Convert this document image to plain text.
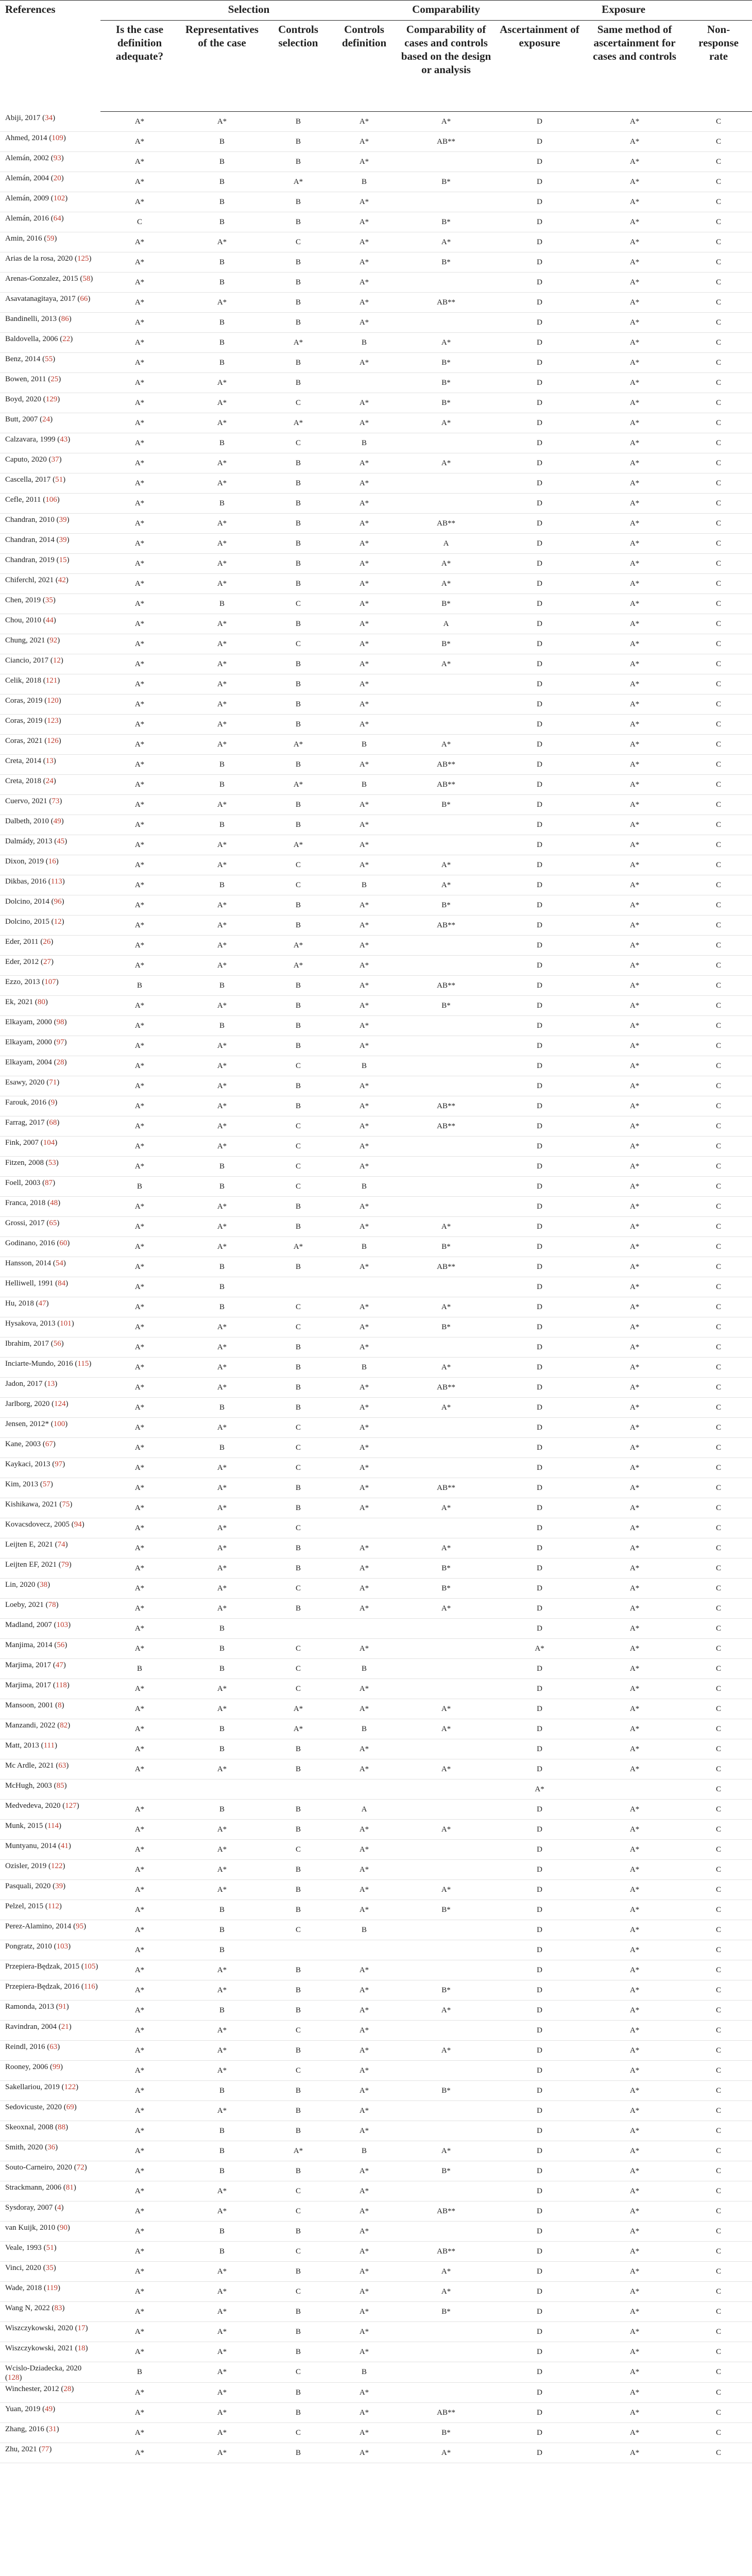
References	Selection				Comparability	Exposure		
	Is the case definition adequate?	Representatives of the case	Controls selection	Controls definition	Comparability of cases and controls based on the design or analysis	Ascertainment of exposure	Same method of ascertainment for cases and controls	Non-response rate
Abiji, 2017 (34)	A*	A*	B	A*	A*	D	A*	C
Ahmed, 2014 (109)	A*	B	B	A*	AB**	D	A*	C
Alemán, 2002 (93)	A*	B	B	A*		D	A*	C
Alemán, 2004 (20)	A*	B	A*	B	B*	D	A*	C
Alemán, 2009 (102)	A*	B	B	A*		D	A*	C
Alemán, 2016 (64)	C	B	B	A*	B*	D	A*	C
Amin, 2016 (59)	A*	A*	C	A*	A*	D	A*	C
Arias de la rosa, 2020 (125)	A*	B	B	A*	B*	D	A*	C
Arenas-Gonzalez, 2015 (58)	A*	B	B	A*		D	A*	C
Asavatanagitaya, 2017 (66)	A*	A*	B	A*	AB**	D	A*	C
Bandinelli, 2013 (86)	A*	B	B	A*		D	A*	C
Baldovella, 2006 (22)	A*	B	A*	B	A*	D	A*	C
Benz, 2014 (55)	A*	B	B	A*	B*	D	A*	C
Bowen, 2011 (25)	A*	A*	B		B*	D	A*	C
Boyd, 2020 (129)	A*	A*	C	A*	B*	D	A*	C
Butt, 2007 (24)	A*	A*	A*	A*	A*	D	A*	C
Calzavara, 1999 (43)	A*	B	C	B		D	A*	C
Caputo, 2020 (37)	A*	A*	B	A*	A*	D	A*	C
Cascella, 2017 (51)	A*	A*	B	A*		D	A*	C
Cefle, 2011 (106)	A*	B	B	A*		D	A*	C
Chandran, 2010 (39)	A*	A*	B	A*	AB**	D	A*	C
Chandran, 2014 (39)	A*	A*	B	A*	A	D	A*	C
Chandran, 2019 (15)	A*	A*	B	A*	A*	D	A*	C
Chiferchl, 2021 (42)	A*	A*	B	A*	A*	D	A*	C
Chen, 2019 (35)	A*	B	C	A*	B*	D	A*	C
Chou, 2010 (44)	A*	A*	B	A*	A	D	A*	C
Chung, 2021 (92)	A*	A*	C	A*	B*	D	A*	C
Ciancio, 2017 (12)	A*	A*	B	A*	A*	D	A*	C
Celik, 2018 (121)	A*	A*	B	A*		D	A*	C
Coras, 2019 (120)	A*	A*	B	A*		D	A*	C
Coras, 2019 (123)	A*	A*	B	A*		D	A*	C
Coras, 2021 (126)	A*	A*	A*	B	A*	D	A*	C
Creta, 2014 (13)	A*	B	B	A*	AB**	D	A*	C
Creta, 2018 (24)	A*	B	A*	B	AB**	D	A*	C
Cuervo, 2021 (73)	A*	A*	B	A*	B*	D	A*	C
Dalbeth, 2010 (49)	A*	B	B	A*		D	A*	C
Dalmády, 2013 (45)	A*	A*	A*	A*		D	A*	C
Dixon, 2019 (16)	A*	A*	C	A*	A*	D	A*	C
Dikbas, 2016 (113)	A*	B	C	B	A*	D	A*	C
Dolcino, 2014 (96)	A*	A*	B	A*	B*	D	A*	C
Dolcino, 2015 (12)	A*	A*	B	A*	AB**	D	A*	C
Eder, 2011 (26)	A*	A*	A*	A*		D	A*	C
Eder, 2012 (27)	A*	A*	A*	A*		D	A*	C
Ezzo, 2013 (107)	B	B	B	A*	AB**	D	A*	C
Ek, 2021 (80)	A*	A*	B	A*	B*	D	A*	C
Elkayam, 2000 (98)	A*	B	B	A*		D	A*	C
Elkayam, 2000 (97)	A*	A*	B	A*		D	A*	C
Elkayam, 2004 (28)	A*	A*	C	B		D	A*	C
Esawy, 2020 (71)	A*	A*	B	A*		D	A*	C
Farouk, 2016 (9)	A*	A*	B	A*	AB**	D	A*	C
Farrag, 2017 (68)	A*	A*	C	A*	AB**	D	A*	C
Fink, 2007 (104)	A*	A*	C	A*		D	A*	C
Fitzen, 2008 (53)	A*	B	C	A*		D	A*	C
Foell, 2003 (87)	B	B	C	B		D	A*	C
Franca, 2018 (48)	A*	A*	B	A*		D	A*	C
Grossi, 2017 (65)	A*	A*	B	A*	A*	D	A*	C
Godinano, 2016 (60)	A*	A*	A*	B	B*	D	A*	C
Hansson, 2014 (54)	A*	B	B	A*	AB**	D	A*	C
Helliwell, 1991 (84)	A*	B				D	A*	C
Hu, 2018 (47)	A*	B	C	A*	A*	D	A*	C
Hysakova, 2013 (101)	A*	A*	C	A*	B*	D	A*	C
Ibrahim, 2017 (56)	A*	A*	B	A*		D	A*	C
Inciarte-Mundo, 2016 (115)	A*	A*	B	B	A*	D	A*	C
Jadon, 2017 (13)	A*	A*	B	A*	AB**	D	A*	C
Jarlborg, 2020 (124)	A*	B	B	A*	A*	D	A*	C
Jensen, 2012* (100)	A*	A*	C	A*		D	A*	C
Kane, 2003 (67)	A*	B	C	A*		D	A*	C
Kaykaci, 2013 (97)	A*	A*	C	A*		D	A*	C
Kim, 2013 (57)	A*	A*	B	A*	AB**	D	A*	C
Kishikawa, 2021 (75)	A*	A*	B	A*	A*	D	A*	C
Kovacsdovecz, 2005 (94)	A*	A*	C			D	A*	C
Leijten E, 2021 (74)	A*	A*	B	A*	A*	D	A*	C
Leijten EF, 2021 (79)	A*	A*	B	A*	B*	D	A*	C
Lin, 2020 (38)	A*	A*	C	A*	B*	D	A*	C
Loeby, 2021 (78)	A*	A*	B	A*	A*	D	A*	C
Madland, 2007 (103)	A*	B				D	A*	C
Manjima, 2014 (56)	A*	B	C	A*		A*	A*	C
Marjima, 2017 (47)	B	B	C	B		D	A*	C
Marjima, 2017 (118)	A*	A*	C	A*		D	A*	C
Mansoon, 2001 (8)	A*	A*	A*	A*	A*	D	A*	C
Manzandi, 2022 (82)	A*	B	A*	B	A*	D	A*	C
Matt, 2013 (111)	A*	B	B	A*		D	A*	C
Mc Ardle, 2021 (63)	A*	A*	B	A*	A*	D	A*	C
McHugh, 2003 (85)						A*		C
Medvedeva, 2020 (127)	A*	B	B	A		D	A*	C
Munk, 2015 (114)	A*	A*	B	A*	A*	D	A*	C
Muntyanu, 2014 (41)	A*	A*	C	A*		D	A*	C
Ozisler, 2019 (122)	A*	A*	B	A*		D	A*	C
Pasquali, 2020 (39)	A*	A*	B	A*	A*	D	A*	C
Pelzel, 2015 (112)	A*	B	B	A*	B*	D	A*	C
Perez-Alamino, 2014 (95)	A*	B	C	B		D	A*	C
Pongratz, 2010 (103)	A*	B				D	A*	C
Przepiera-Będzak, 2015 (105)	A*	A*	B	A*		D	A*	C
Przepiera-Będzak, 2016 (116)	A*	A*	B	A*	B*	D	A*	C
Ramonda, 2013 (91)	A*	B	B	A*	A*	D	A*	C
Ravindran, 2004 (21)	A*	A*	C	A*		D	A*	C
Reindl, 2016 (63)	A*	A*	B	A*	A*	D	A*	C
Rooney, 2006 (99)	A*	A*	C	A*		D	A*	C
Sakellariou, 2019 (122)	A*	B	B	A*	B*	D	A*	C
Sedovicuste, 2020 (69)	A*	A*	B	A*		D	A*	C
Skeoxnal, 2008 (88)	A*	B	B	A*		D	A*	C
Smith, 2020 (36)	A*	B	A*	B	A*	D	A*	C
Souto-Carneiro, 2020 (72)	A*	B	B	A*	B*	D	A*	C
Strackmann, 2006 (81)	A*	A*	C	A*		D	A*	C
Sysdoray, 2007 (4)	A*	A*	C	A*	AB**	D	A*	C
van Kuijk, 2010 (90)	A*	B	B	A*		D	A*	C
Veale, 1993 (51)	A*	B	C	A*	AB**	D	A*	C
Vinci, 2020 (35)	A*	A*	B	A*	A*	D	A*	C
Wade, 2018 (119)	A*	A*	C	A*	A*	D	A*	C
Wang N, 2022 (83)	A*	A*	B	A*	B*	D	A*	C
Wiszczykowski, 2020 (17)	A*	A*	B	A*		D	A*	C
Wiszczykowski, 2021 (18)	A*	A*	B	A*		D	A*	C
Wcislo-Dziadecka, 2020 (128)	B	A*	C	B		D	A*	C
Winchester, 2012 (28)	A*	A*	B	A*		D	A*	C
Yuan, 2019 (49)	A*	A*	B	A*	AB**	D	A*	C
Zhang, 2016 (31)	A*	A*	C	A*	B*	D	A*	C
Zhu, 2021 (77)	A*	A*	B	A*	A*	D	A*	C
